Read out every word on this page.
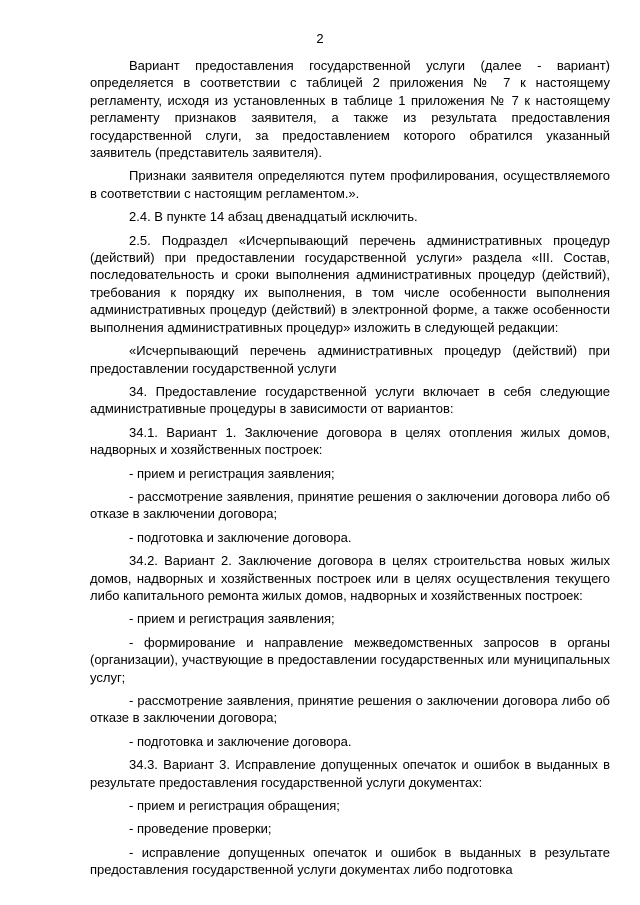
2

Вариант предоставления государственной услуги (далее - вариант) определяется в соответствии с таблицей 2 приложения № 7 к настоящему регламенту, исходя из установленных в таблице 1 приложения № 7 к настоящему регламенту признаков заявителя, а также из результата предоставления государственной слуги, за предоставлением которого обратился указанный заявитель (представитель заявителя).

Признаки заявителя определяются путем профилирования, осуществляемого в соответствии с настоящим регламентом.».

2.4. В пункте 14 абзац двенадцатый исключить.

2.5. Подраздел «Исчерпывающий перечень административных процедур (действий) при предоставлении государственной услуги» раздела «III. Состав, последовательность и сроки выполнения административных процедур (действий), требования к порядку их выполнения, в том числе особенности выполнения административных процедур (действий) в электронной форме, а также особенности выполнения административных процедур» изложить в следующей редакции:

«Исчерпывающий перечень административных процедур (действий) при предоставлении государственной услуги

34. Предоставление государственной услуги включает в себя следующие административные процедуры в зависимости от вариантов:

34.1. Вариант 1. Заключение договора в целях отопления жилых домов, надворных и хозяйственных построек:

- прием и регистрация заявления;

- рассмотрение заявления, принятие решения о заключении договора либо об отказе в заключении договора;

- подготовка и заключение договора.

34.2. Вариант 2. Заключение договора в целях строительства новых жилых домов, надворных и хозяйственных построек или в целях осуществления текущего либо капитального ремонта жилых домов, надворных и хозяйственных построек:

- прием и регистрация заявления;

- формирование и направление межведомственных запросов в органы (организации), участвующие в предоставлении государственных или муниципальных услуг;

- рассмотрение заявления, принятие решения о заключении договора либо об отказе в заключении договора;

- подготовка и заключение договора.

34.3. Вариант 3. Исправление допущенных опечаток и ошибок в выданных в результате предоставления государственной услуги документах:

- прием и регистрация обращения;

- проведение проверки;

- исправление допущенных опечаток и ошибок в выданных в результате предоставления государственной услуги документах либо подготовка
